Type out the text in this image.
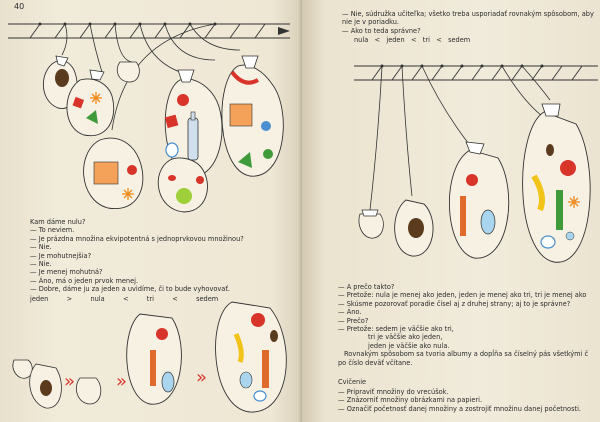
40
Kam dáme nulu?
— To neviem.
— Je prázdna množina ekvipotentná s jednoprvkovou množinou?
— Nie.
— Je mohutnejšia?
— Nie.
— Je menej mohutná?
— Áno, má o jeden prvok menej.
— Dobre, dáme ju za jeden a uvidíme, či to bude vyhovovať.
jeden	>	nula	<	tri	<	sedem
» »	»
— Nie, súdružka učiteľka; všetko treba usporiadať rovnakým spôsobom, aby
nie je v poriadku.
— Ako to teda správne?
nula < jeden < tri < sedem
— A prečo takto?
— Pretože: nula je menej ako jeden, jeden je menej ako tri, tri je menej ako
— Skúsme pozorovať poradie čísel aj z druhej strany; aj to je správne?
— Áno.
— Prečo?
— Pretože: sedem je väčšie ako tri,
tri je väčšie ako jeden,
jeden je väčšie ako nula.
Rovnakým spôsobom sa tvoria albumy a dopĺňa sa číselný pás všetkými č
po číslo deväť včítane.
Cvičenie
— Pripraviť množiny do vrecúšok.
— Znázorniť množiny obrázkami na papieri.
— Označiť početnosť danej množiny a zostrojiť množinu danej početnosti.
